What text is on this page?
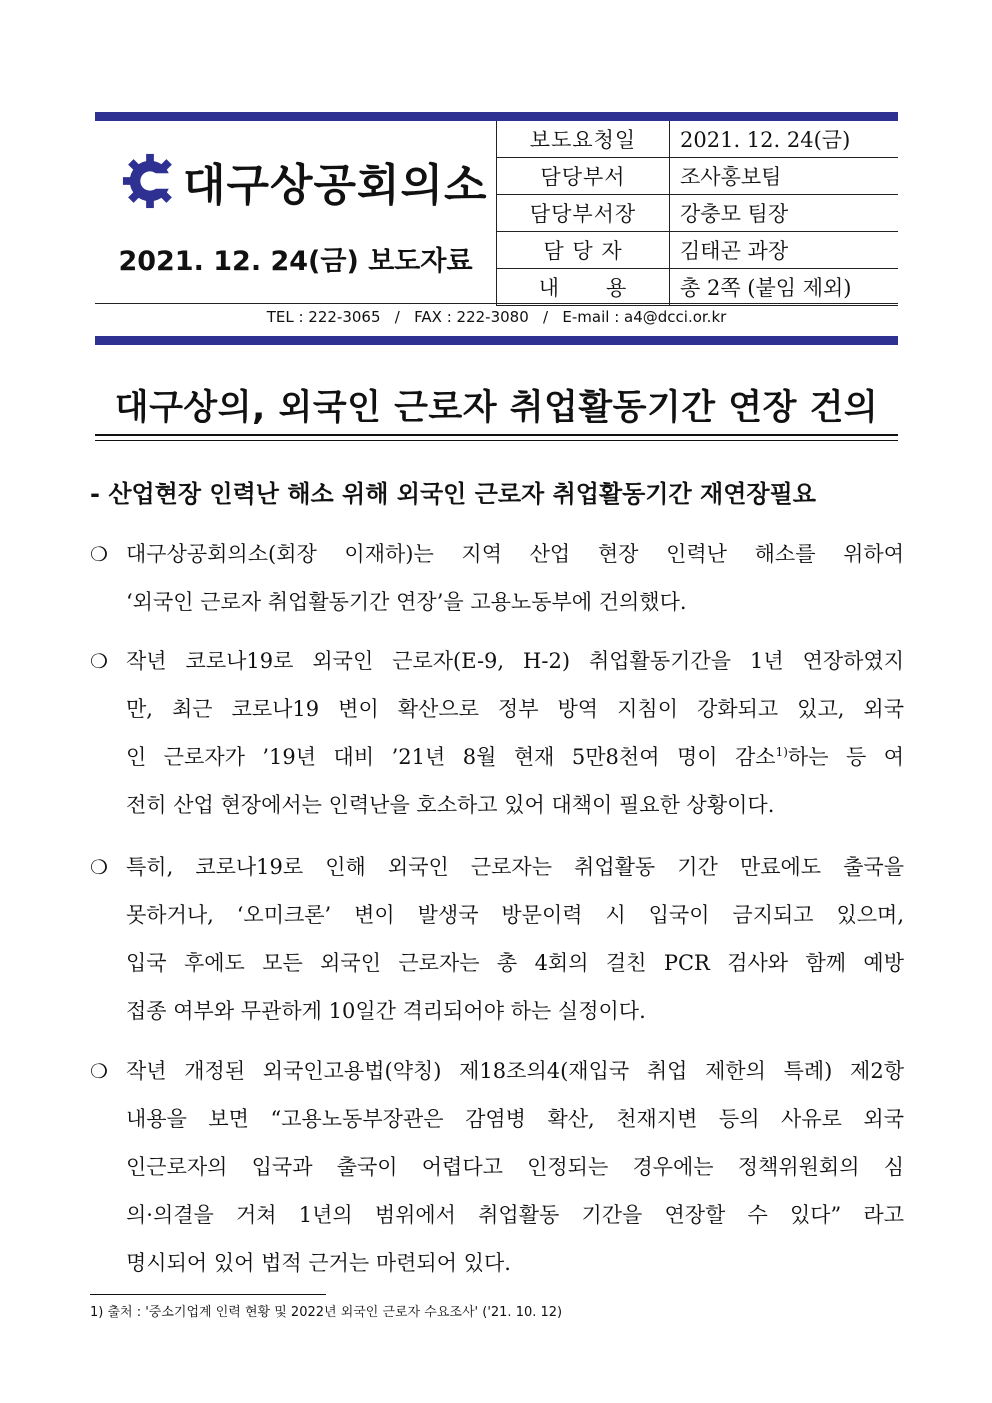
대구상공회의소
2021. 12. 24(금) 보도자료
보도요청일	2021. 12. 24(금)
담당부서	조사홍보팀
담당부서장	강충모 팀장
담 당 자	김태곤 과장
내      용	총 2쪽 (붙임 제외)
TEL : 222-3065   /   FAX : 222-3080   /   E-mail : a4@dcci.or.kr
대구상의, 외국인 근로자 취업활동기간 연장 건의
- 산업현장 인력난 해소 위해 외국인 근로자 취업활동기간 재연장필요
❍ 대구상공회의소(회장 이재하)는 지역 산업 현장 인력난 해소를 위하여
‘외국인 근로자 취업활동기간 연장’을 고용노동부에 건의했다.
❍ 작년 코로나19로 외국인 근로자(E-9, H-2) 취업활동기간을 1년 연장하였지
만, 최근 코로나19 변이 확산으로 정부 방역 지침이 강화되고 있고, 외국
인 근로자가 ’19년 대비 ’21년 8월 현재 5만8천여 명이 감소$^{1)}$하는 등 여
전히 산업 현장에서는 인력난을 호소하고 있어 대책이 필요한 상황이다.
❍ 특히, 코로나19로 인해 외국인 근로자는 취업활동 기간 만료에도 출국을
못하거나, ‘오미크론’ 변이 발생국 방문이력 시 입국이 금지되고 있으며,
입국 후에도 모든 외국인 근로자는 총 4회의 걸친 PCR 검사와 함께 예방
접종 여부와 무관하게 10일간 격리되어야 하는 실정이다.
❍ 작년 개정된 외국인고용법(약칭) 제18조의4(재입국 취업 제한의 특례) 제2항
내용을 보면 “고용노동부장관은 감염병 확산, 천재지변 등의 사유로 외국
인근로자의 입국과 출국이 어렵다고 인정되는 경우에는 정책위원회의 심
의·의결을 거쳐 1년의 범위에서 취업활동 기간을 연장할 수 있다” 라고
명시되어 있어 법적 근거는 마련되어 있다.
1) 출처 : '중소기업계 인력 현황 및 2022년 외국인 근로자 수요조사' ('21. 10. 12)
